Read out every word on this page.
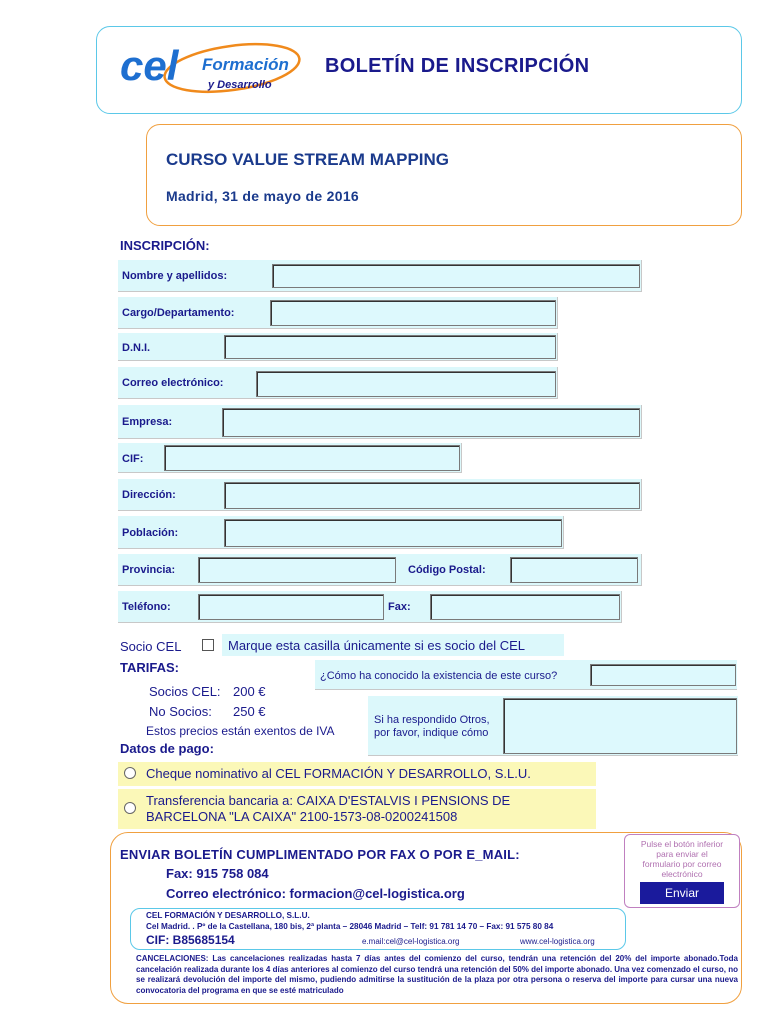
cel Formación
y Desarrollo
BOLETÍN DE INSCRIPCIÓN
CURSO VALUE STREAM MAPPING
Madrid, 31 de mayo de 2016
INSCRIPCIÓN:
Nombre y apellidos:
Cargo/Departamento:
D.N.I.
Correo electrónico:
Empresa:
CIF:
Dirección:
Población:
Provincia:	Código Postal:
Teléfono:	Fax:
Socio CEL	Marque esta casilla únicamente si es socio del CEL
TARIFAS:
Socios CEL: 200 €
No Socios: 250 €
Estos precios están exentos de IVA
¿Cómo ha conocido la existencia de este curso?
Si ha respondido Otros,
por favor, indique cómo
Datos de pago:
Cheque nominativo al CEL FORMACIÓN Y DESARROLLO, S.L.U.
Transferencia bancaria a: CAIXA D'ESTALVIS I PENSIONS DE
BARCELONA "LA CAIXA" 2100-1573-08-0200241508
ENVIAR BOLETÍN CUMPLIMENTADO POR FAX O POR E_MAIL:
Fax: 915 758 084
Correo electrónico: formacion@cel-logistica.org
Pulse el botón inferior
para enviar el
formulario por correo
electrónico
Enviar
CEL FORMACIÓN Y DESARROLLO, S.L.U.
Cel Madrid. . Pº de la Castellana, 180 bis, 2ª planta – 28046 Madrid – Telf: 91 781 14 70 – Fax: 91 575 80 84
CIF: B85685154	e.mail:cel@cel-logistica.org	www.cel-logistica.org
CANCELACIONES: Las cancelaciones realizadas hasta 7 días antes del comienzo del curso, tendrán una retención del 20% del importe abonado.Toda cancelación realizada durante los 4 días anteriores al comienzo del curso tendrá una retención del 50% del importe abonado. Una vez comenzado el curso, no se realizará devolución del importe del mismo, pudiendo admitirse la sustitución de la plaza por otra persona o reserva del importe para cursar una nueva convocatoria del programa en que se esté matriculado
